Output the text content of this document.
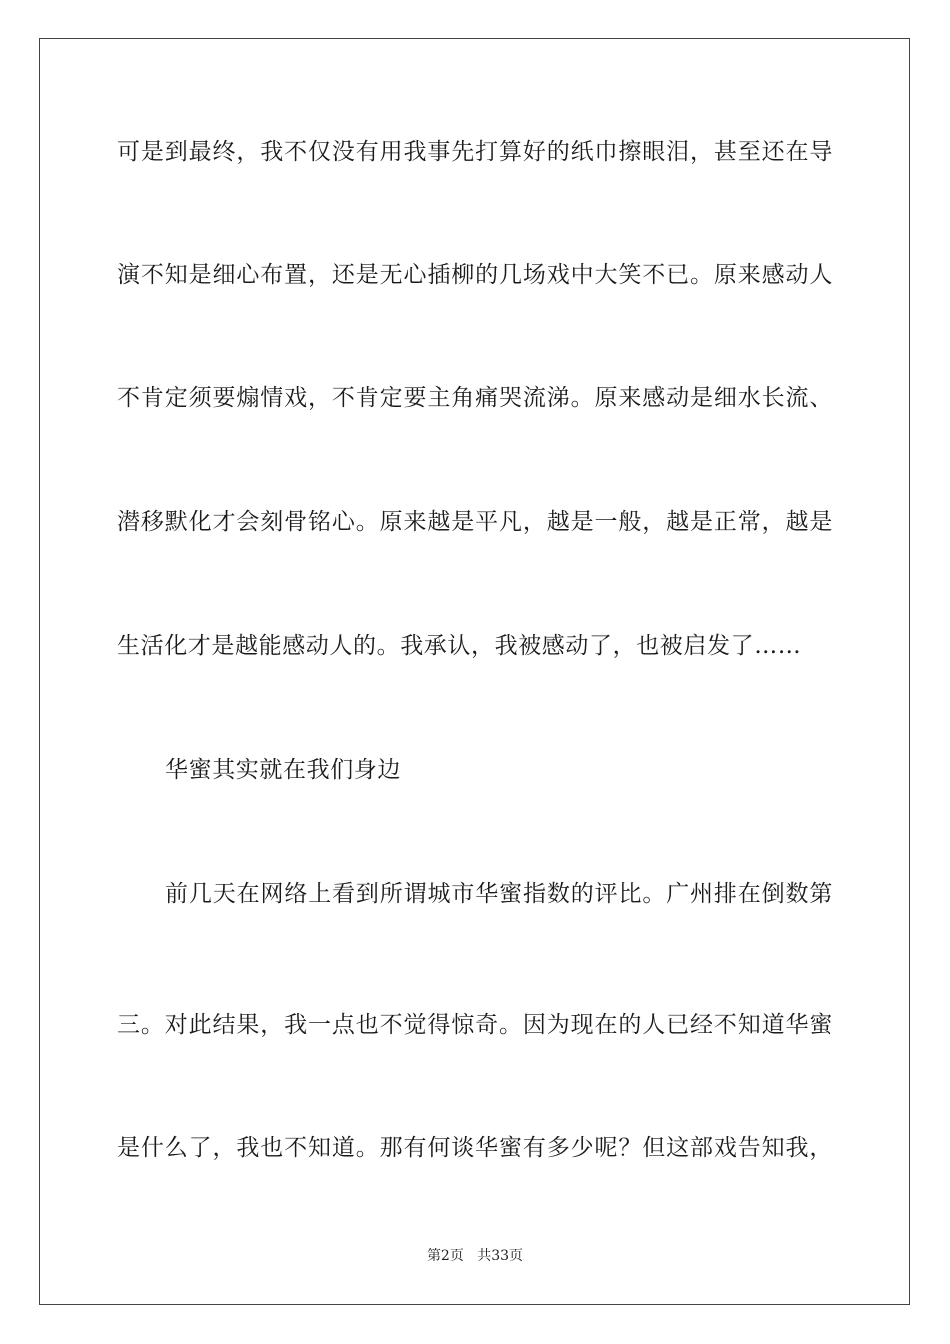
可是到最终，我不仅没有用我事先打算好的纸巾擦眼泪，甚至还在导
演不知是细心布置，还是无心插柳的几场戏中大笑不已。原来感动人
不肯定须要煽情戏，不肯定要主角痛哭流涕。原来感动是细水长流、
潜移默化才会刻骨铭心。原来越是平凡，越是一般，越是正常，越是
生活化才是越能感动人的。我承认，我被感动了，也被启发了……
华蜜其实就在我们身边
前几天在网络上看到所谓城市华蜜指数的评比。广州排在倒数第
三。对此结果，我一点也不觉得惊奇。因为现在的人已经不知道华蜜
是什么了，我也不知道。那有何谈华蜜有多少呢？但这部戏告知我，
第2页 共33页
